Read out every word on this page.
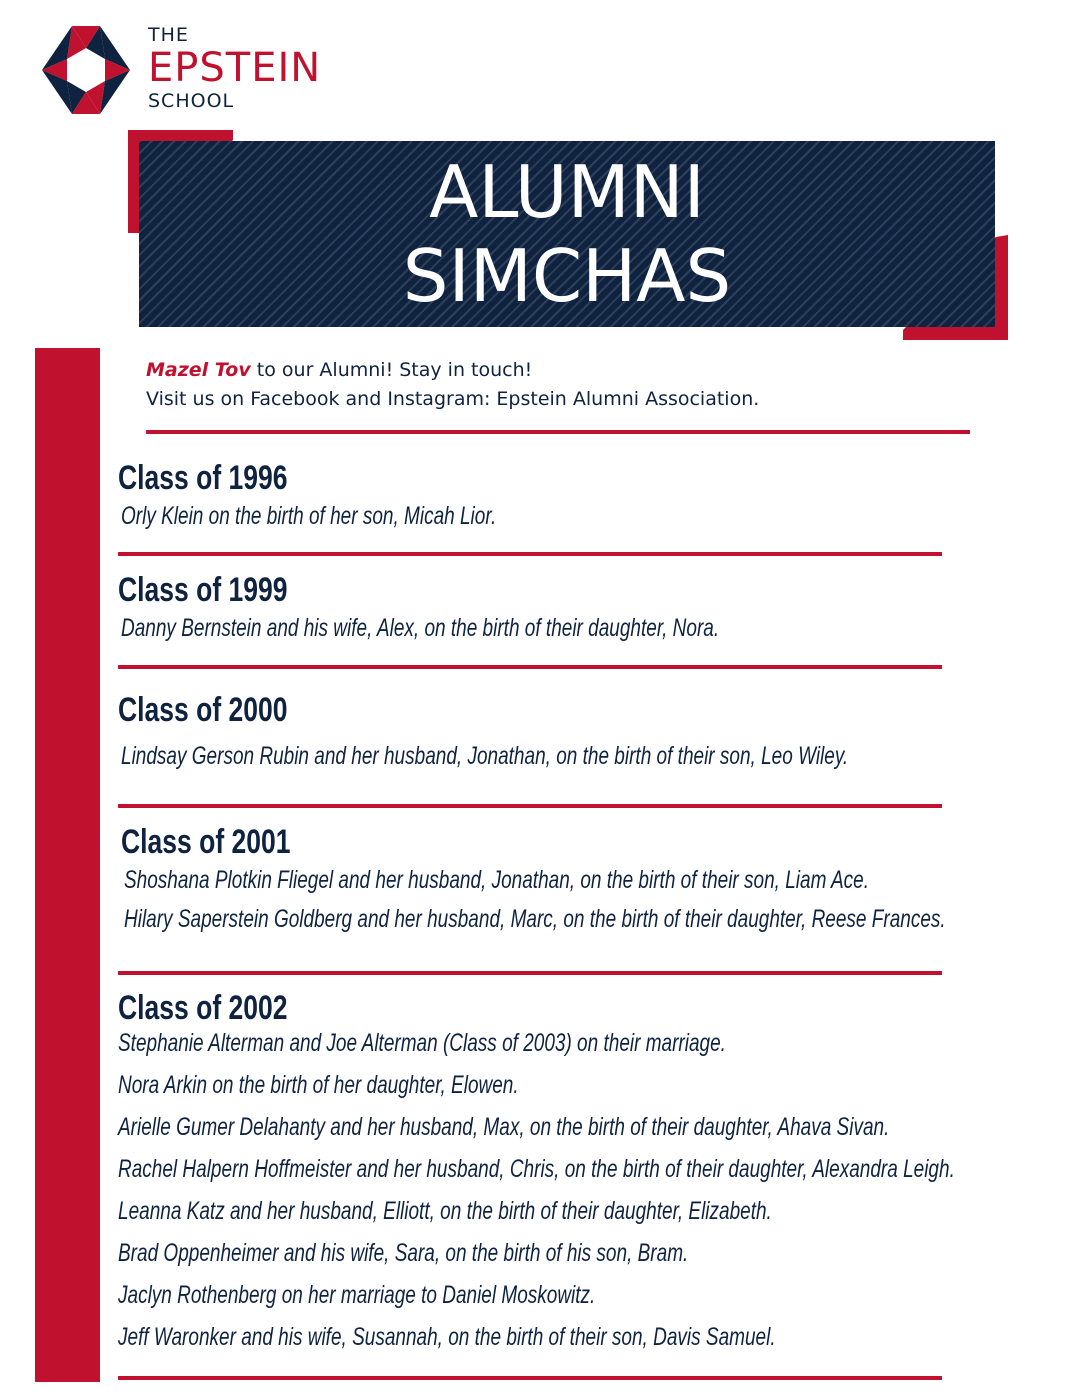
THE
EPSTEIN
SCHOOL
ALUMNI
SIMCHAS
Mazel Tov to our Alumni! Stay in touch!
Visit us on Facebook and Instagram: Epstein Alumni Association.
Class of 1996
Orly Klein on the birth of her son, Micah Lior.
Class of 1999
Danny Bernstein and his wife, Alex, on the birth of their daughter, Nora.
Class of 2000
Lindsay Gerson Rubin and her husband, Jonathan, on the birth of their son, Leo Wiley.
Class of 2001
Shoshana Plotkin Fliegel and her husband, Jonathan, on the birth of their son, Liam Ace.
Hilary Saperstein Goldberg and her husband, Marc, on the birth of their daughter, Reese Frances.
Class of 2002
Stephanie Alterman and Joe Alterman (Class of 2003) on their marriage.
Nora Arkin on the birth of her daughter, Elowen.
Arielle Gumer Delahanty and her husband, Max, on the birth of their daughter, Ahava Sivan.
Rachel Halpern Hoffmeister and her husband, Chris, on the birth of their daughter, Alexandra Leigh.
Leanna Katz and her husband, Elliott, on the birth of their daughter, Elizabeth.
Brad Oppenheimer and his wife, Sara, on the birth of his son, Bram.
Jaclyn Rothenberg on her marriage to Daniel Moskowitz.
Jeff Waronker and his wife, Susannah, on the birth of their son, Davis Samuel.
